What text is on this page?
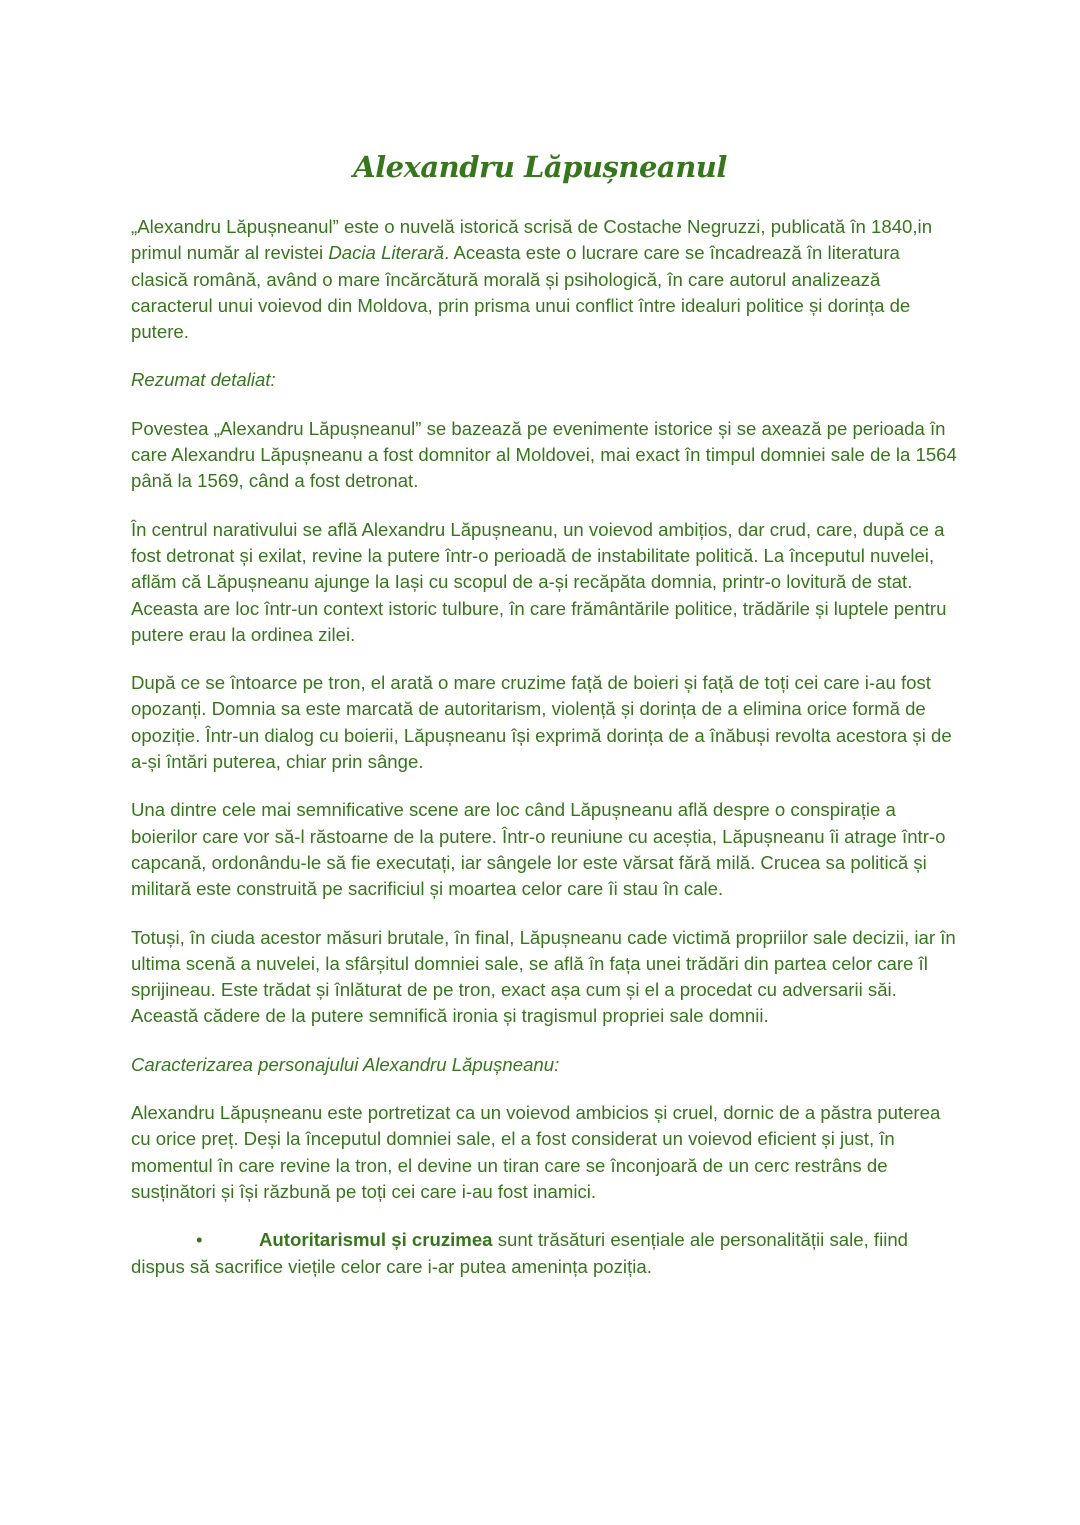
Alexandru Lăpușneanul

„Alexandru Lăpușneanul” este o nuvelă istorică scrisă de Costache Negruzzi, publicată în 1840,in primul număr al revistei Dacia Literară. Aceasta este o lucrare care se încadrează în literatura clasică română, având o mare încărcătură morală și psihologică, în care autorul analizează caracterul unui voievod din Moldova, prin prisma unui conflict între idealuri politice și dorința de putere.

Rezumat detaliat:

Povestea „Alexandru Lăpușneanul” se bazează pe evenimente istorice și se axează pe perioada în care Alexandru Lăpușneanu a fost domnitor al Moldovei, mai exact în timpul domniei sale de la 1564 până la 1569, când a fost detronat.

În centrul narativului se află Alexandru Lăpușneanu, un voievod ambițios, dar crud, care, după ce a fost detronat și exilat, revine la putere într-o perioadă de instabilitate politică. La începutul nuvelei, aflăm că Lăpușneanu ajunge la Iași cu scopul de a-și recăpăta domnia, printr-o lovitură de stat. Aceasta are loc într-un context istoric tulbure, în care frământările politice, trădările și luptele pentru putere erau la ordinea zilei.

După ce se întoarce pe tron, el arată o mare cruzime față de boieri și față de toți cei care i-au fost opozanți. Domnia sa este marcată de autoritarism, violență și dorința de a elimina orice formă de opoziție. Într-un dialog cu boierii, Lăpușneanu își exprimă dorința de a înăbuși revolta acestora și de a-și întări puterea, chiar prin sânge.

Una dintre cele mai semnificative scene are loc când Lăpușneanu află despre o conspirație a boierilor care vor să-l răstoarne de la putere. Într-o reuniune cu aceștia, Lăpușneanu îi atrage într-o capcană, ordonându-le să fie executați, iar sângele lor este vărsat fără milă. Crucea sa politică și militară este construită pe sacrificiul și moartea celor care îi stau în cale.

Totuși, în ciuda acestor măsuri brutale, în final, Lăpușneanu cade victimă propriilor sale decizii, iar în ultima scenă a nuvelei, la sfârșitul domniei sale, se află în fața unei trădări din partea celor care îl sprijineau. Este trădat și înlăturat de pe tron, exact așa cum și el a procedat cu adversarii săi. Această cădere de la putere semnifică ironia și tragismul propriei sale domnii.

Caracterizarea personajului Alexandru Lăpușneanu:

Alexandru Lăpușneanu este portretizat ca un voievod ambicios și cruel, dornic de a păstra puterea cu orice preț. Deși la începutul domniei sale, el a fost considerat un voievod eficient și just, în momentul în care revine la tron, el devine un tiran care se înconjoară de un cerc restrâns de susținători și își răzbună pe toți cei care i-au fost inamici.

•	Autoritarismul și cruzimea sunt trăsături esențiale ale personalității sale, fiind dispus să sacrifice viețile celor care i-ar putea amenința poziția.
